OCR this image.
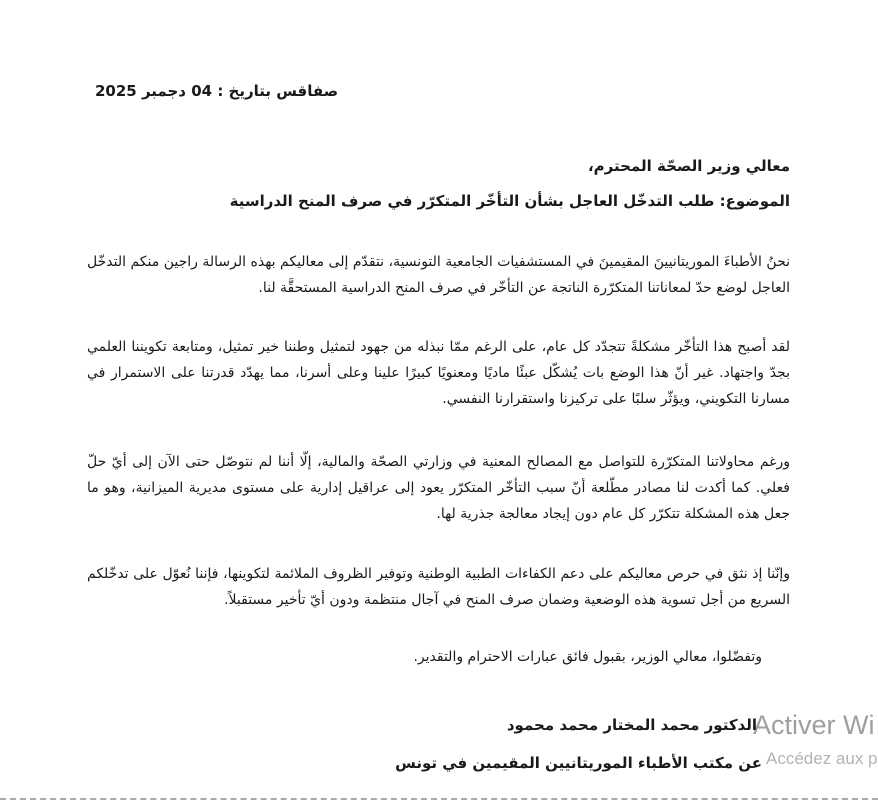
Activer Wi
Accédez aux p
صفاقس بتاريخ : 04 دجمبر 2025
معالي وزير الصحّة المحترم،
الموضوع: طلب التدخّل العاجل بشأن التأخّر المتكرّر في صرف المنح الدراسية

نحنُ الأطباءَ الموريتانيينَ المقيمينَ في المستشفيات الجامعية التونسية، نتقدّم إلى معاليكم بهذه الرسالة راجين منكم التدخّل العاجل لوضع حدّ لمعاناتنا المتكرّرة الناتجة عن التأخّر في صرف المنح الدراسية المستحقَّة لنا.

لقد أصبح هذا التأخّر مشكلةً تتجدّد كل عام، على الرغم ممّا نبذله من جهود لتمثيل وطننا خير تمثيل، ومتابعة تكويننا العلمي بجدّ واجتهاد. غير أنّ هذا الوضع بات يُشكّل عبئًا ماديًا ومعنويًا كبيرًا علينا وعلى أسرنا، مما يهدّد قدرتنا على الاستمرار في مسارنا التكويني، ويؤثّر سلبًا على تركيزنا واستقرارنا النفسي.

ورغم محاولاتنا المتكرّرة للتواصل مع المصالح المعنية في وزارتي الصحّة والمالية، إلّا أننا لم نتوصّل حتى الآن إلى أيّ حلّ فعلي. كما أكدت لنا مصادر مطّلعة أنّ سبب التأخّر المتكرّر يعود إلى عراقيل إدارية على مستوى مديرية الميزانية، وهو ما جعل هذه المشكلة تتكرّر كل عام دون إيجاد معالجة جذرية لها.

وإنّنا إذ نثق في حرص معاليكم على دعم الكفاءات الطبية الوطنية وتوفير الظروف الملائمة لتكوينها، فإننا نُعوّل على تدخّلكم السريع من أجل تسوية هذه الوضعية وضمان صرف المنح في آجال منتظمة ودون أيّ تأخير مستقبلاً.

وتفضّلوا، معالي الوزير، بقبول فائق عبارات الاحترام والتقدير.
الدكتور محمد المختار محمد محمود
عن مكتب الأطباء الموريتانيين المقيمين في تونس
